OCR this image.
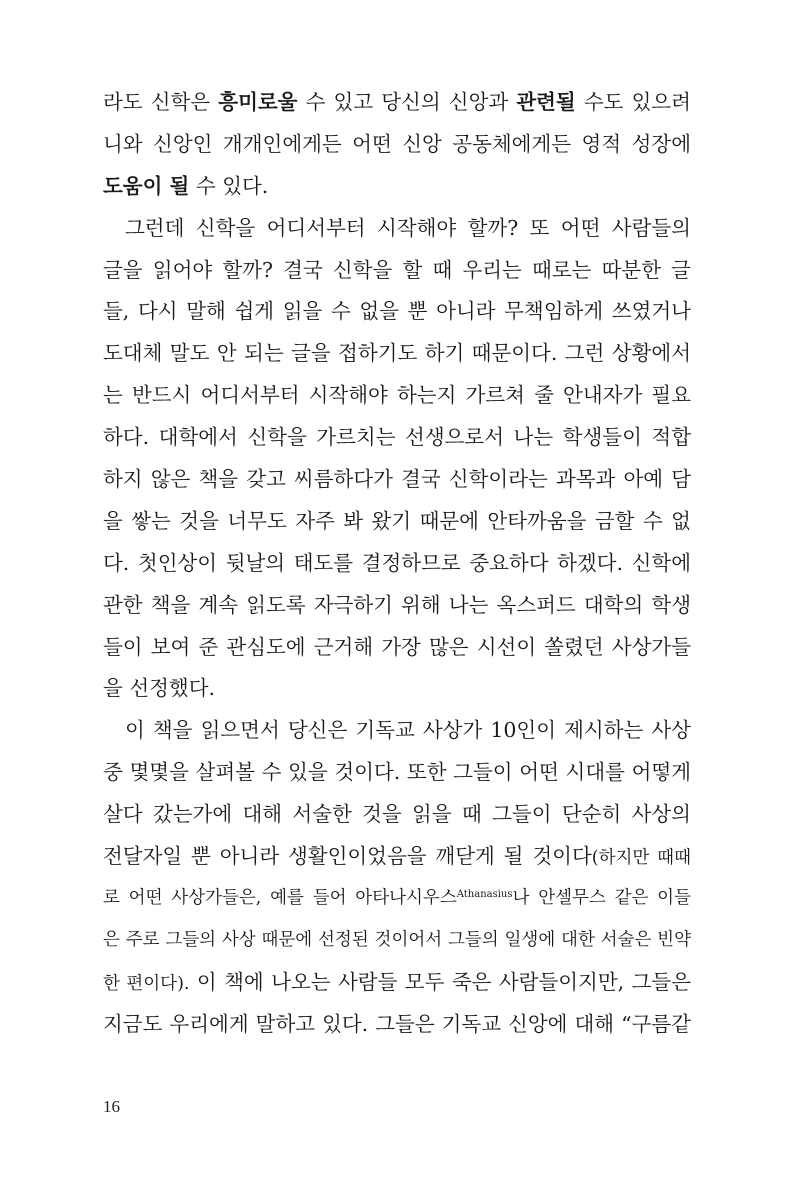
라도 신학은 흥미로울 수 있고 당신의 신앙과 관련될 수도 있으려
니와 신앙인 개개인에게든 어떤 신앙 공동체에게든 영적 성장에
도움이 될 수 있다.
그런데 신학을 어디서부터 시작해야 할까? 또 어떤 사람들의
글을 읽어야 할까? 결국 신학을 할 때 우리는 때로는 따분한 글
들, 다시 말해 쉽게 읽을 수 없을 뿐 아니라 무책임하게 쓰였거나
도대체 말도 안 되는 글을 접하기도 하기 때문이다. 그런 상황에서
는 반드시 어디서부터 시작해야 하는지 가르쳐 줄 안내자가 필요
하다. 대학에서 신학을 가르치는 선생으로서 나는 학생들이 적합
하지 않은 책을 갖고 씨름하다가 결국 신학이라는 과목과 아예 담
을 쌓는 것을 너무도 자주 봐 왔기 때문에 안타까움을 금할 수 없
다. 첫인상이 뒷날의 태도를 결정하므로 중요하다 하겠다. 신학에
관한 책을 계속 읽도록 자극하기 위해 나는 옥스퍼드 대학의 학생
들이 보여 준 관심도에 근거해 가장 많은 시선이 쏠렸던 사상가들
을 선정했다.
이 책을 읽으면서 당신은 기독교 사상가 10인이 제시하는 사상
중 몇몇을 살펴볼 수 있을 것이다. 또한 그들이 어떤 시대를 어떻게
살다 갔는가에 대해 서술한 것을 읽을 때 그들이 단순히 사상의
전달자일 뿐 아니라 생활인이었음을 깨닫게 될 것이다(하지만 때때
로 어떤 사상가들은, 예를 들어 아타나시우스$^{Athanasius}$나 안셀무스 같은 이들
은 주로 그들의 사상 때문에 선정된 것이어서 그들의 일생에 대한 서술은 빈약
한 편이다). 이 책에 나오는 사람들 모두 죽은 사람들이지만, 그들은
지금도 우리에게 말하고 있다. 그들은 기독교 신앙에 대해 “구름같
16
